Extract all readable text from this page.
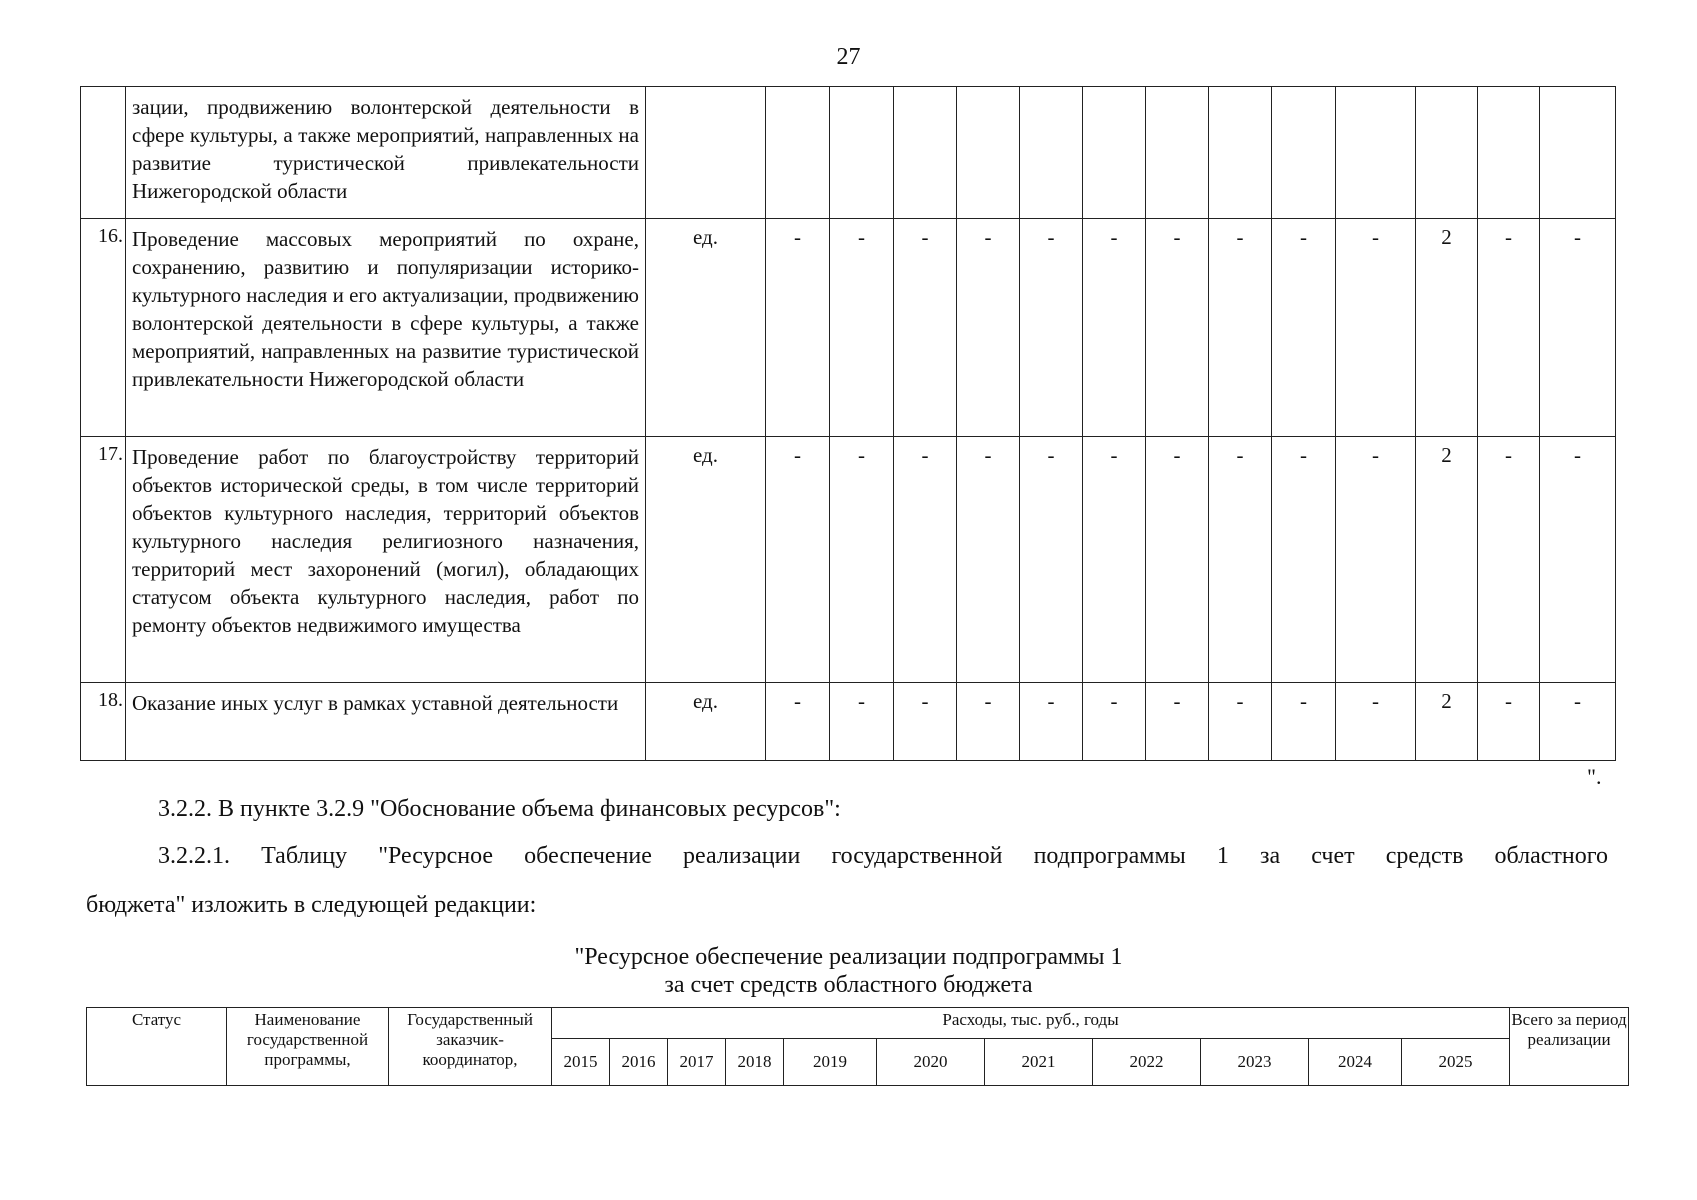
27
	зации, продвижению волонтерской деятельности в сфере культуры, а также мероприятий, направленных на развитие туристической привлекательности Нижегородской области														
16.	Проведение массовых мероприятий по охране, сохранению, развитию и популяризации историко-культурного наследия и его актуализации, продвижению волонтерской деятельности в сфере культуры, а также мероприятий, направленных на развитие туристической привлекательности Нижегородской области	ед.	-	-	-	-	-	-	-	-	-	-	2	-	-
17.	Проведение работ по благоустройству территорий объектов исторической среды, в том числе территорий объектов культурного наследия, территорий объектов культурного наследия религиозного назначения, территорий мест захоронений (могил), обладающих статусом объекта культурного наследия, работ по ремонту объектов недвижимого имущества	ед.	-	-	-	-	-	-	-	-	-	-	2	-	-
18.	Оказание иных услуг в рамках уставной деятельности	ед.	-	-	-	-	-	-	-	-	-	-	2	-	-
".
3.2.2. В пункте 3.2.9 "Обоснование объема финансовых ресурсов":
3.2.2.1. Таблицу "Ресурсное обеспечение реализации государственной подпрограммы 1 за счет средств областного
бюджета" изложить в следующей редакции:
"Ресурсное обеспечение реализации подпрограммы 1
за счет средств областного бюджета
Статус	Наименование государственной программы,	Государственный заказчик-координатор,	Расходы, тыс. руб., годы											Всего за период реализации
			2015	2016	2017	2018	2019	2020	2021	2022	2023	2024	2025	
